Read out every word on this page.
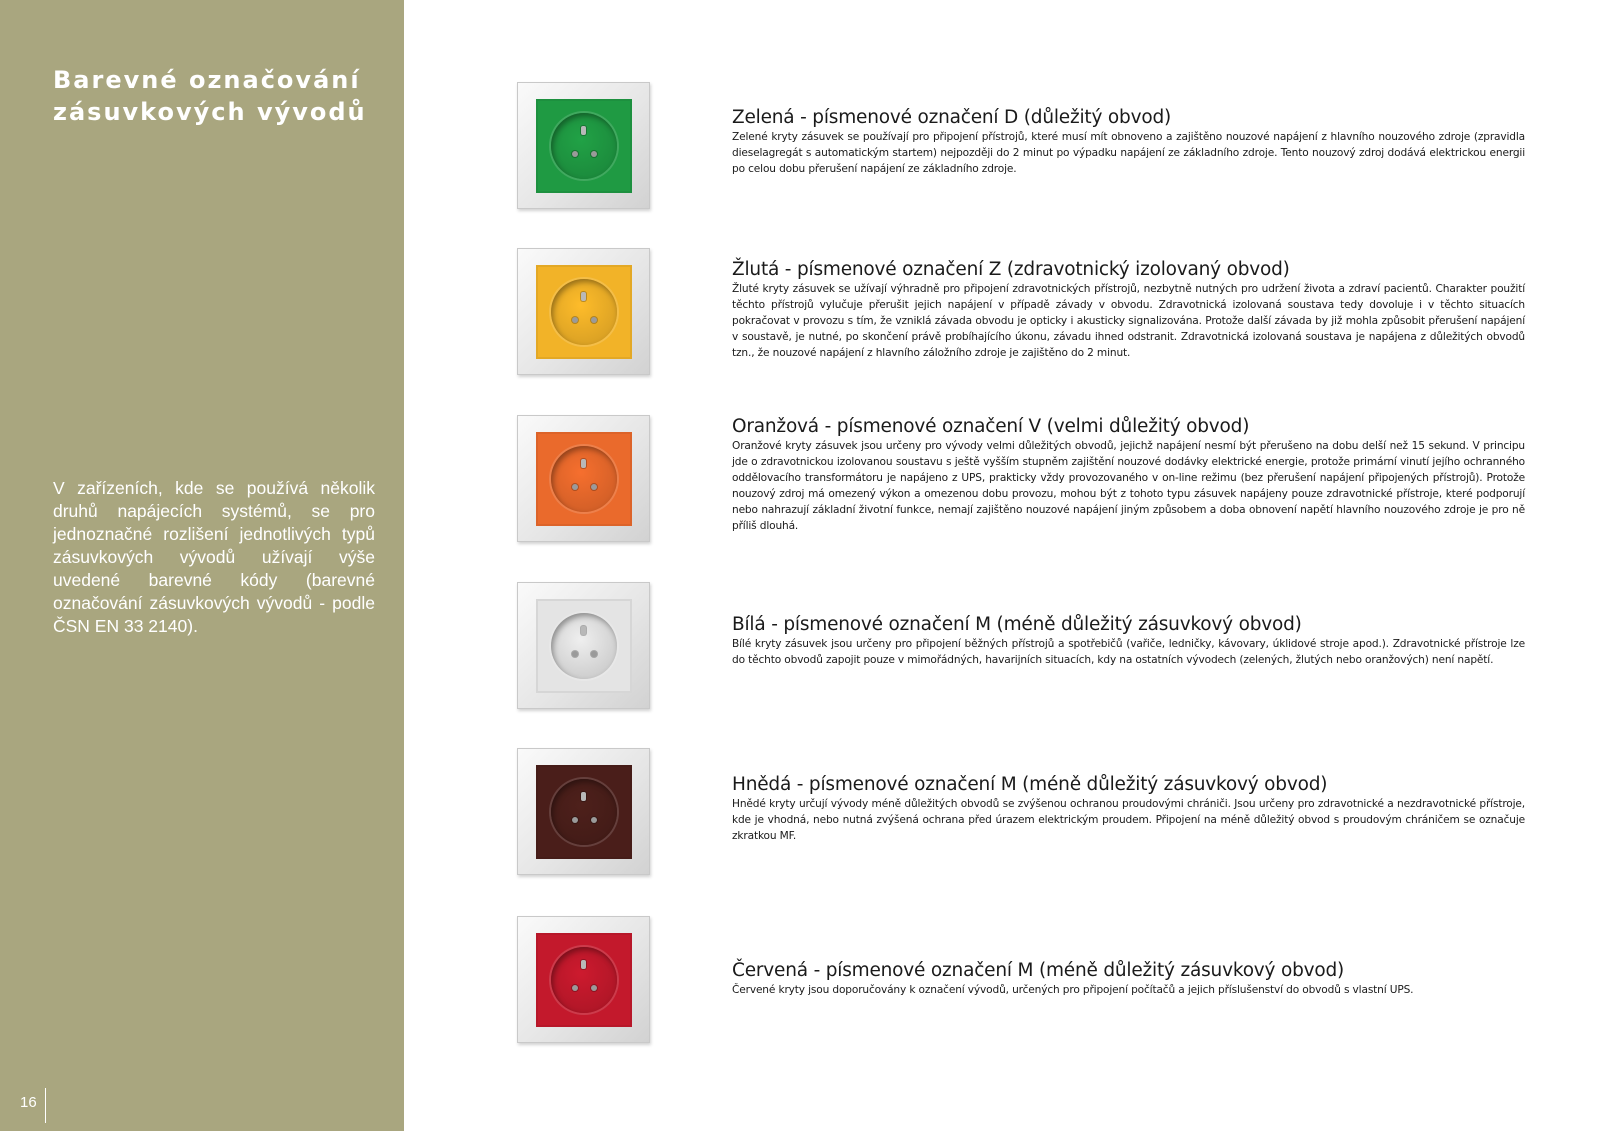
Barevné označování zásuvkových vývodů

V zařízeních, kde se používá několik druhů napájecích systémů, se pro jednoznačné rozlišení jednotlivých typů zásuvkových vývodů užívají výše uvedené barevné kódy (barevné označování zásuvkových vývodů - podle ČSN EN 33 2140).

16
Zelená - písmenové označení D (důležitý obvod)

Zelené kryty zásuvek se používají pro připojení přístrojů, které musí mít obnoveno a zajištěno nouzové napájení z hlavního nouzového zdroje (zpravidla dieselagregát s automatickým startem) nejpozději do 2 minut po výpadku napájení ze základního zdroje. Tento nouzový zdroj dodává elektrickou energii po celou dobu přerušení napájení ze základního zdroje.

Žlutá - písmenové označení Z (zdravotnický izolovaný obvod)

Žluté kryty zásuvek se užívají výhradně pro připojení zdravotnických přístrojů, nezbytně nutných pro udržení života a zdraví pacientů. Charakter použití těchto přístrojů vylučuje přerušit jejich napájení v případě závady v obvodu. Zdravotnická izolovaná soustava tedy dovoluje i v těchto situacích pokračovat v provozu s tím, že vzniklá závada obvodu je opticky i akusticky signalizována. Protože další závada by již mohla způsobit přerušení napájení v soustavě, je nutné, po skončení právě probíhajícího úkonu, závadu ihned odstranit. Zdravotnická izolovaná soustava je napájena z důležitých obvodů tzn., že nouzové napájení z hlavního záložního zdroje je zajištěno do 2 minut.

Oranžová - písmenové označení V (velmi důležitý obvod)

Oranžové kryty zásuvek jsou určeny pro vývody velmi důležitých obvodů, jejichž napájení nesmí být přerušeno na dobu delší než 15 sekund. V principu jde o zdravotnickou izolovanou soustavu s ještě vyšším stupněm zajištění nouzové dodávky elektrické energie, protože primární vinutí jejího ochranného oddělovacího transformátoru je napájeno z UPS, prakticky vždy provozovaného v on-line režimu (bez přerušení napájení připojených přístrojů). Protože nouzový zdroj má omezený výkon a omezenou dobu provozu, mohou být z tohoto typu zásuvek napájeny pouze zdravotnické přístroje, které podporují nebo nahrazují základní životní funkce, nemají zajištěno nouzové napájení jiným způsobem a doba obnovení napětí hlavního nouzového zdroje je pro ně příliš dlouhá.

Bílá - písmenové označení M (méně důležitý zásuvkový obvod)

Bílé kryty zásuvek jsou určeny pro připojení běžných přístrojů a spotřebičů (vařiče, ledničky, kávovary, úklidové stroje apod.). Zdravotnické přístroje lze do těchto obvodů zapojit pouze v mimořádných, havarijních situacích, kdy na ostatních vývodech (zelených, žlutých nebo oranžových) není napětí.

Hnědá - písmenové označení M (méně důležitý zásuvkový obvod)

Hnědé kryty určují vývody méně důležitých obvodů se zvýšenou ochranou proudovými chrániči. Jsou určeny pro zdravotnické a nezdravotnické přístroje, kde je vhodná, nebo nutná zvýšená ochrana před úrazem elektrickým proudem. Připojení na méně důležitý obvod s proudovým chráničem se označuje zkratkou MF.

Červená - písmenové označení M (méně důležitý zásuvkový obvod)

Červené kryty jsou doporučovány k označení vývodů, určených pro připojení počítačů a jejich příslušenství do obvodů s vlastní UPS.
